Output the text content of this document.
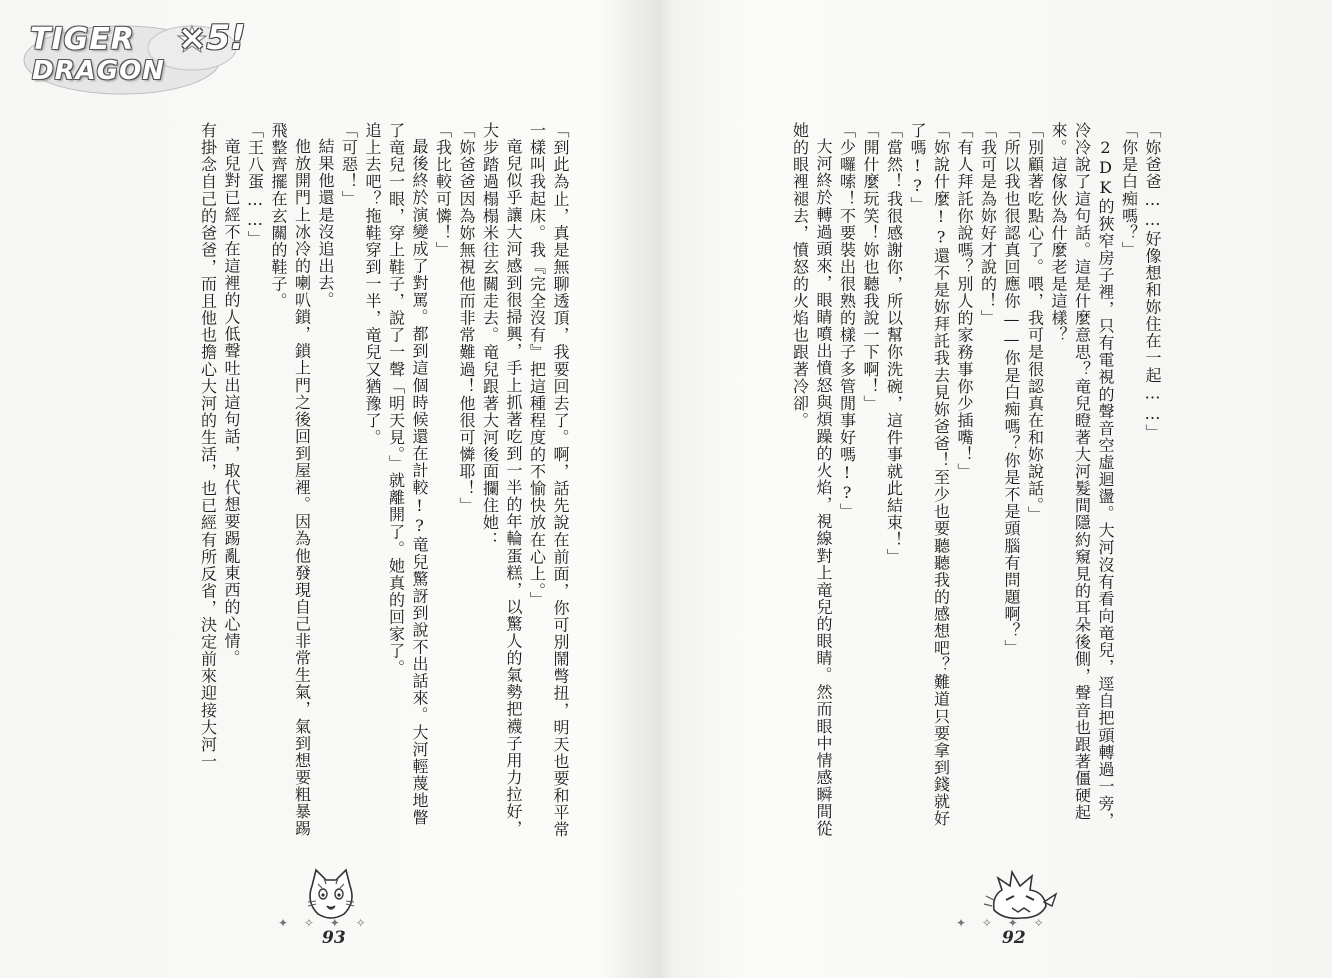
TIGER
DRAGON
×5!

「到此為止，真是無聊透頂，我要回去了。啊，話先說在前面，你可別鬧彆扭，明天也要和平常一樣叫我起床。我『完全沒有』把這種程度的不愉快放在心上。」

竜兒似乎讓大河感到很掃興，手上抓著吃到一半的年輪蛋糕，以驚人的氣勢把襪子用力拉好，大步踏過榻榻米往玄關走去。竜兒跟著大河後面攔住她：

「妳爸爸因為妳無視他而非常難過！他很可憐耶！」

「我比較可憐！」

最後終於演變成了對罵。都到這個時候還在計較!?竜兒驚訝到說不出話來。大河輕蔑地瞥了竜兒一眼，穿上鞋子，說了一聲「明天見。」就離開了。她真的回家了。

追上去吧？拖鞋穿到一半，竜兒又猶豫了。

「可惡！」

結果他還是沒追出去。

他放開門上冰冷的喇叭鎖，鎖上門之後回到屋裡。因為他發現自己非常生氣，氣到想要粗暴踢飛整齊擺在玄關的鞋子。

「王八蛋……」

竜兒對已經不在這裡的人低聲吐出這句話，取代想要踢亂東西的心情。

有掛念自己的爸爸，而且他也擔心大河的生活，也已經有所反省，決定前來迎接大河一

✦ ✧ ✦ ✧
93

「妳爸爸……好像想和妳住在一起……」

「你是白痴嗎？」

2DK的狹窄房子裡，只有電視的聲音空虛迴盪。大河沒有看向竜兒，逕自把頭轉過一旁，冷冷說了這句話。這是什麼意思？竜兒瞪著大河髮間隱約窺見的耳朵後側，聲音也跟著僵硬起來。這傢伙為什麼老是這樣？

「別顧著吃點心了。喂，我可是很認真在和妳說話。」

「所以我也很認真回應你——你是白痴嗎？你是不是頭腦有問題啊？」

「我可是為妳好才說的！」

「有人拜託你說嗎？別人的家務事你少插嘴！」

「妳說什麼!?還不是妳拜託我去見妳爸爸！至少也要聽聽我的感想吧？難道只要拿到錢就好了嗎!?」

「當然！我很感謝你，所以幫你洗碗，這件事就此結束！」

「開什麼玩笑！妳也聽我說一下啊！」

「少囉嗦！不要裝出很熟的樣子多管閒事好嗎!?」

大河終於轉過頭來，眼睛噴出憤怒與煩躁的火焰，視線對上竜兒的眼睛。然而眼中情感瞬間從她的眼裡褪去，憤怒的火焰也跟著冷卻。

✦ ✧ ✦ ✧
92
